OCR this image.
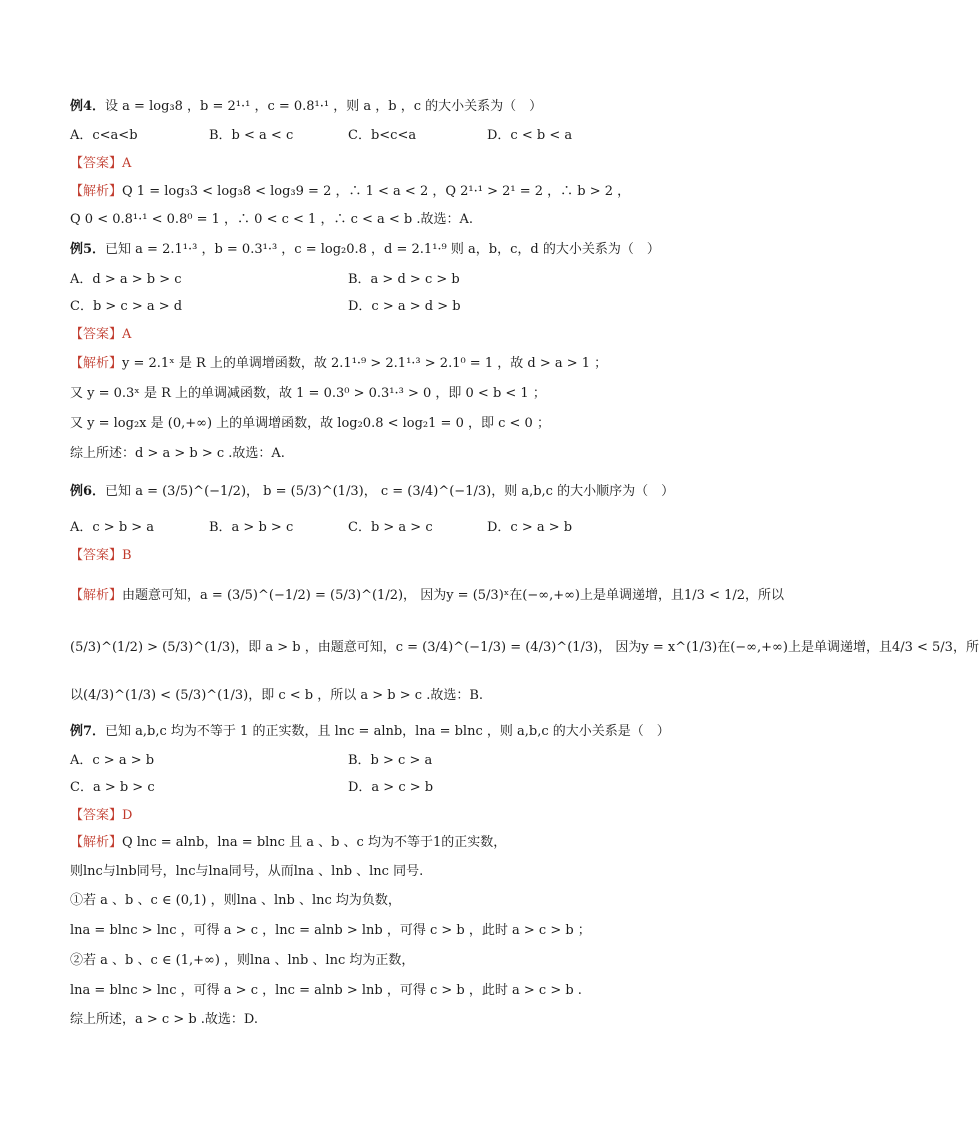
例4．设 a = log₃8 ，b = 2¹·¹ ，c = 0.8¹·¹ ，则 a ，b ，c 的大小关系为（　）
A．c<a<b	B．b < a < c	C．b<c<a	D．c < b < a
【答案】A
【解析】Q 1 = log₃3 < log₃8 < log₃9 = 2 ，∴ 1 < a < 2 ，Q 2¹·¹ > 2¹ = 2 ，∴ b > 2 ，
Q 0 < 0.8¹·¹ < 0.8⁰ = 1 ，∴ 0 < c < 1 ，∴ c < a < b .故选：A.
例5．已知 a = 2.1¹·³ ，b = 0.3¹·³ ，c = log₂0.8 ，d = 2.1¹·⁹ 则 a，b，c，d 的大小关系为（　）
A．d > a > b > c	B．a > d > c > b
C．b > c > a > d	D．c > a > d > b
【答案】A
【解析】y = 2.1ˣ 是 R 上的单调增函数，故 2.1¹·⁹ > 2.1¹·³ > 2.1⁰ = 1 ，故 d > a > 1 ；
又 y = 0.3ˣ 是 R 上的单调减函数，故 1 = 0.3⁰ > 0.3¹·³ > 0 ，即 0 < b < 1 ；
又 y = log₂x 是 (0,+∞) 上的单调增函数，故 log₂0.8 < log₂1 = 0 ，即 c < 0 ；
综上所述：d > a > b > c .故选：A.
例6．已知 a = (3/5)^(−1/2)， b = (5/3)^(1/3)， c = (3/4)^(−1/3)，则 a,b,c 的大小顺序为（　）
A．c > b > a	B．a > b > c	C．b > a > c	D．c > a > b
【答案】B
【解析】由题意可知，a = (3/5)^(−1/2) = (5/3)^(1/2)， 因为y = (5/3)ˣ在(−∞,+∞)上是单调递增，且1/3 < 1/2，所以
(5/3)^(1/2) > (5/3)^(1/3)，即 a > b ，由题意可知，c = (3/4)^(−1/3) = (4/3)^(1/3)， 因为y = x^(1/3)在(−∞,+∞)上是单调递增，且4/3 < 5/3，所
以(4/3)^(1/3) < (5/3)^(1/3)，即 c < b ，所以 a > b > c .故选：B.
例7．已知 a,b,c 均为不等于 1 的正实数，且 lnc = alnb，lna = blnc ，则 a,b,c 的大小关系是（　）
A．c > a > b	B．b > c > a
C．a > b > c	D．a > c > b
【答案】D
【解析】Q lnc = alnb，lna = blnc 且 a 、b 、c 均为不等于1的正实数，
则lnc与lnb同号，lnc与lna同号，从而lna 、lnb 、lnc 同号.
①若 a 、b 、c ∈ (0,1) ，则lna 、lnb 、lnc 均为负数，
lna = blnc > lnc ，可得 a > c ，lnc = alnb > lnb ，可得 c > b ，此时 a > c > b ；
②若 a 、b 、c ∈ (1,+∞) ，则lna 、lnb 、lnc 均为正数，
lna = blnc > lnc ，可得 a > c ，lnc = alnb > lnb ，可得 c > b ，此时 a > c > b .
综上所述，a > c > b .故选：D.
